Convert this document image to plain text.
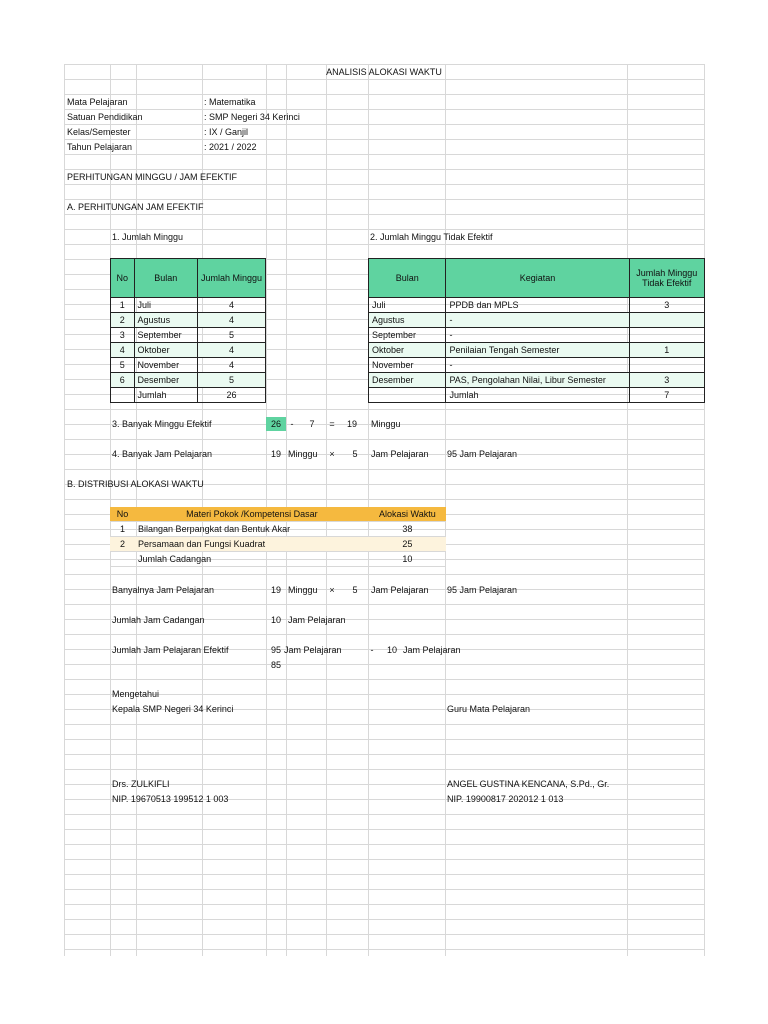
ANALISIS ALOKASI WAKTU
Mata Pelajaran	: Matematika
Satuan Pendidikan	: SMP Negeri 34 Kerinci
Kelas/Semester	: IX / Ganjil
Tahun Pelajaran	: 2021 / 2022
PERHITUNGAN MINGGU / JAM EFEKTIF
A. PERHITUNGAN JAM EFEKTIF
1. Jumlah Minggu	2. Jumlah Minggu Tidak Efektif
No	Bulan	Jumlah Minggu
1	Juli	4
2	Agustus	4
3	September	5
4	Oktober	4
5	November	4
6	Desember	5
	Jumlah	26
Bulan	Kegiatan	Jumlah Minggu Tidak Efektif
Juli	PPDB dan MPLS	3
Agustus	-	
September	-	
Oktober	Penilaian Tengah Semester	1
November	-	
Desember	PAS, Pengolahan Nilai, Libur Semester	3
	Jumlah	7
3. Banyak Minggu Efektif	26	-	7	=	19	Minggu
4. Banyak Jam Pelajaran	19 Minggu	×	5	Jam Pelajaran 95 Jam Pelajaran
B. DISTRIBUSI ALOKASI WAKTU
No	Materi Pokok /Kompetensi Dasar	Alokasi Waktu
1	Bilangan Berpangkat dan Bentuk Akar	38
2	Persamaan dan Fungsi Kuadrat	25
	Jumlah Cadangan	10
Banyalnya Jam Pelajaran	19 Minggu	×	5	Jam Pelajaran 95 Jam Pelajaran
Jumlah Jam Cadangan	10 Jam Pelajaran
Jumlah Jam Pelajaran Efektif	95 Jam Pelajaran	-	10 Jam Pelajaran
85
Mengetahui
Kepala SMP Negeri 34 Kerinci	Guru Mata Pelajaran
Drs. ZULKIFLI
NIP. 19670513 199512 1 003
ANGEL GUSTINA KENCANA, S.Pd., Gr.
NIP. 19900817 202012 1 013
